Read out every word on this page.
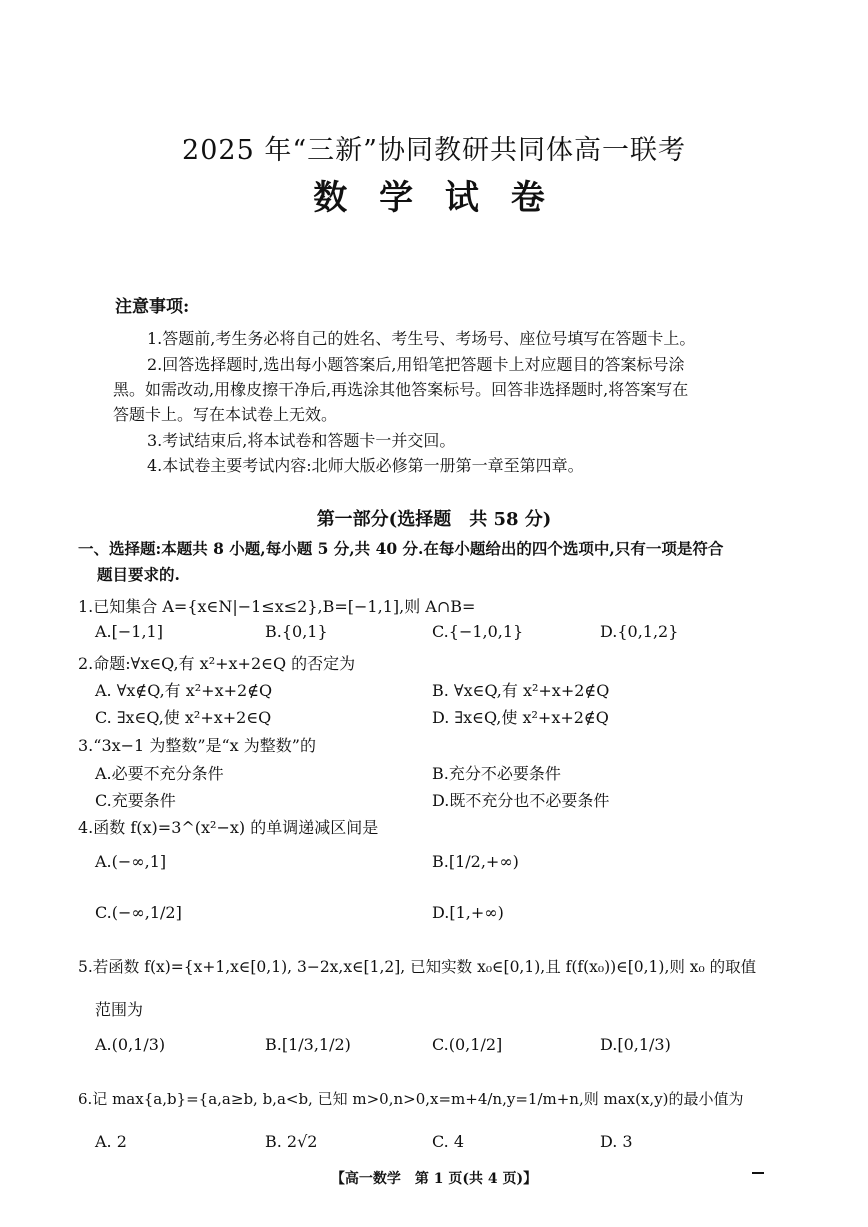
2025 年“三新”协同教研共同体高一联考
数 学 试 卷
注意事项:
1.答题前,考生务必将自己的姓名、考生号、考场号、座位号填写在答题卡上。
2.回答选择题时,选出每小题答案后,用铅笔把答题卡上对应题目的答案标号涂
黑。如需改动,用橡皮擦干净后,再选涂其他答案标号。回答非选择题时,将答案写在
答题卡上。写在本试卷上无效。
3.考试结束后,将本试卷和答题卡一并交回。
4.本试卷主要考试内容:北师大版必修第一册第一章至第四章。
第一部分(选择题　共 58 分)
一、选择题:本题共 8 小题,每小题 5 分,共 40 分.在每小题给出的四个选项中,只有一项是符合
题目要求的.
1.已知集合 A={x∈N|−1≤x≤2},B=[−1,1],则 A∩B=
A.[−1,1]	B.{0,1}	C.{−1,0,1}	D.{0,1,2}
2.命题:∀x∈Q,有 x²+x+2∈Q 的否定为
A. ∀x∉Q,有 x²+x+2∉Q	B. ∀x∈Q,有 x²+x+2∉Q
C. ∃x∈Q,使 x²+x+2∈Q	D. ∃x∈Q,使 x²+x+2∉Q
3.“3x−1 为整数”是“x 为整数”的
A.必要不充分条件	B.充分不必要条件
C.充要条件	D.既不充分也不必要条件
4.函数 f(x)=3^(x²−x) 的单调递减区间是
A.(−∞,1]	B.[1/2,+∞)
C.(−∞,1/2]	D.[1,+∞)
5.若函数 f(x)={x+1,x∈[0,1), 3−2x,x∈[1,2], 已知实数 x₀∈[0,1),且 f(f(x₀))∈[0,1),则 x₀ 的取值
范围为
A.(0,1/3)	B.[1/3,1/2)	C.(0,1/2]	D.[0,1/3)
6.记 max{a,b}={a,a≥b, b,a<b, 已知 m>0,n>0,x=m+4/n,y=1/m+n,则 max(x,y)的最小值为
A. 2	B. 2√2	C. 4	D. 3
【高一数学　第 1 页(共 4 页)】
